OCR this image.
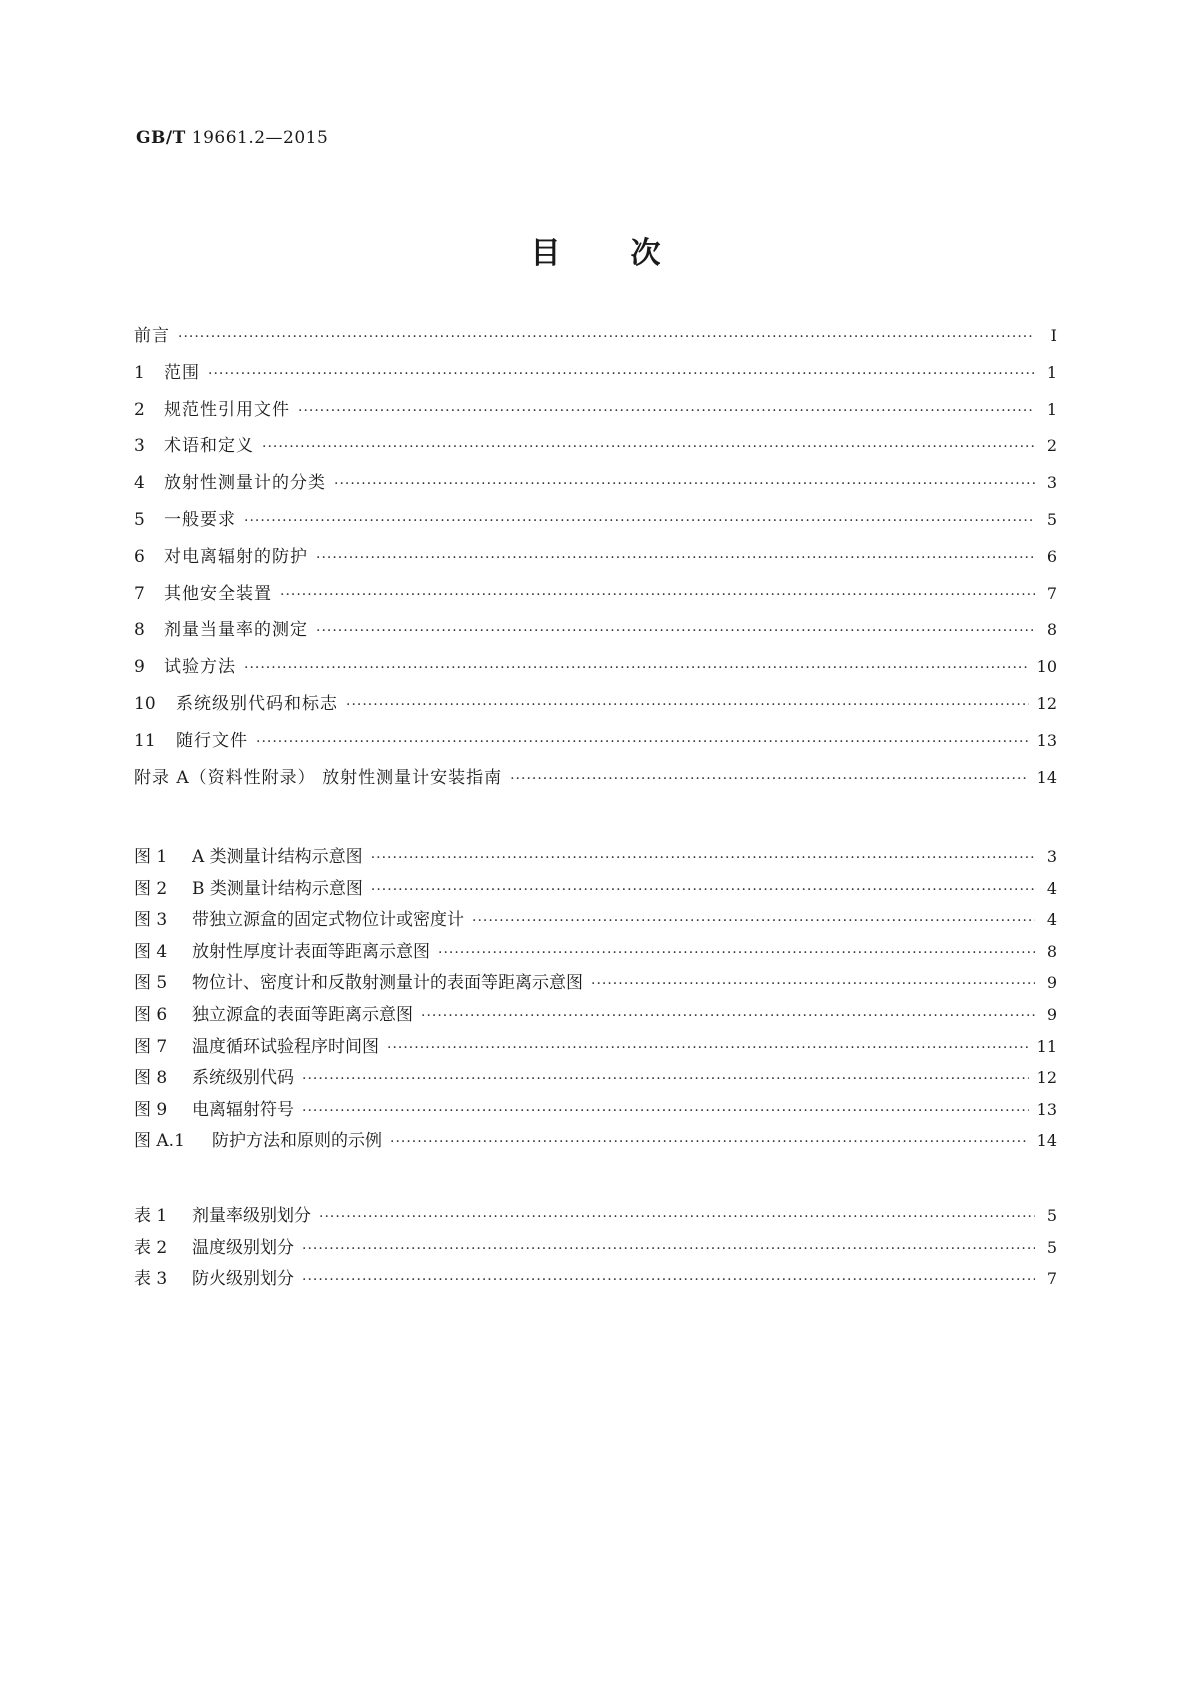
GB/T 19661.2—2015
目 次
前言 ·····	Ⅰ
1	范围 ·····	1
2	规范性引用文件 ·····	1
3	术语和定义 ·····	2
4	放射性测量计的分类 ·····	3
5	一般要求 ·····	5
6	对电离辐射的防护 ·····	6
7	其他安全装置 ·····	7
8	剂量当量率的测定 ·····	8
9	试验方法 ·····	10
10	系统级别代码和标志 ·····	12
11	随行文件 ·····	13
附录 A（资料性附录） 放射性测量计安装指南 ·····	14
图 1	A 类测量计结构示意图 ·····	3
图 2	B 类测量计结构示意图 ·····	4
图 3	带独立源盒的固定式物位计或密度计 ·····	4
图 4	放射性厚度计表面等距离示意图 ·····	8
图 5	物位计、密度计和反散射测量计的表面等距离示意图 ·····	9
图 6	独立源盒的表面等距离示意图 ·····	9
图 7	温度循环试验程序时间图 ·····	11
图 8	系统级别代码 ·····	12
图 9	电离辐射符号 ·····	13
图 A.1	防护方法和原则的示例 ·····	14
表 1	剂量率级别划分 ·····	5
表 2	温度级别划分 ·····	5
表 3	防火级别划分 ·····	7
